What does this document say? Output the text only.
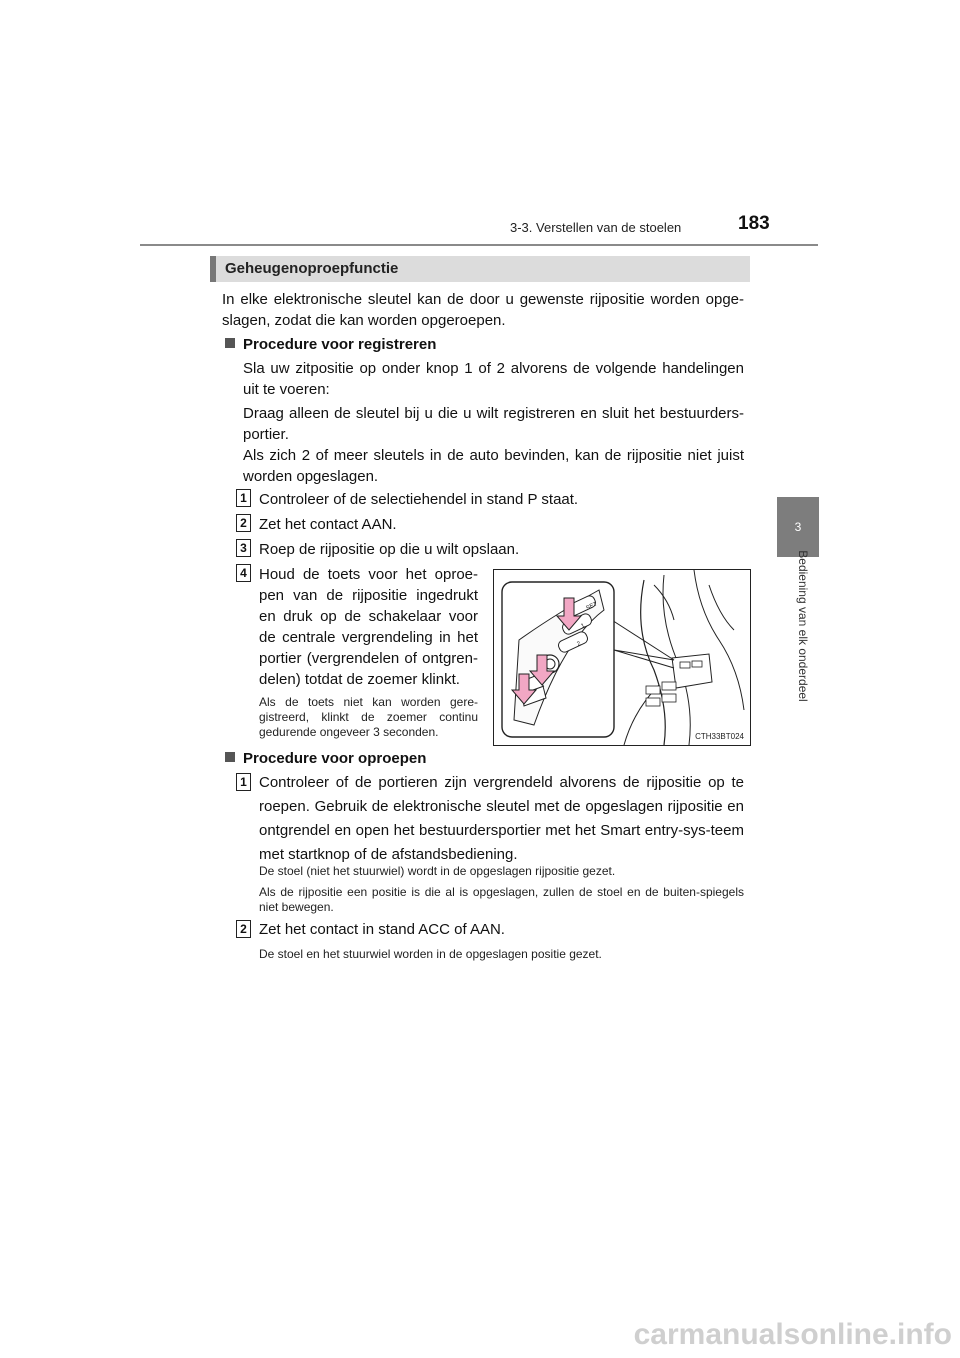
3-3. Verstellen van de stoelen	183
3
Bediening van elk onderdeel
Geheugenoproepfunctie

In elke elektronische sleutel kan de door u gewenste rijpositie worden opge-slagen, zodat die kan worden opgeroepen.

Procedure voor registreren

Sla uw zitpositie op onder knop 1 of 2 alvorens de volgende handelingen uit te voeren:

Draag alleen de sleutel bij u die u wilt registreren en sluit het bestuurders-portier.

Als zich 2 of meer sleutels in de auto bevinden, kan de rijpositie niet juist worden opgeslagen.

1 Controleer of de selectiehendel in stand P staat.

2 Zet het contact AAN.

3 Roep de rijpositie op die u wilt opslaan.

4 Houd de toets voor het oproe-pen van de rijpositie ingedrukt en druk op de schakelaar voor de centrale vergrendeling in het portier (vergrendelen of ontgren-delen) totdat de zoemer klinkt.

Als de toets niet kan worden gere-gistreerd, klinkt de zoemer continu gedurende ongeveer 3 seconden.

SET
1
2
CTH33BT024
Procedure voor oproepen
1 Controleer of de portieren zijn vergrendeld alvorens de rijpositie op te roepen. Gebruik de elektronische sleutel met de opgeslagen rijpositie en ontgrendel en open het bestuurdersportier met het Smart entry-sys-teem met startknop of de afstandsbediening.

De stoel (niet het stuurwiel) wordt in de opgeslagen rijpositie gezet.

Als de rijpositie een positie is die al is opgeslagen, zullen de stoel en de buiten-spiegels niet bewegen.

2 Zet het contact in stand ACC of AAN.

De stoel en het stuurwiel worden in de opgeslagen positie gezet.

carmanualsonline.info
